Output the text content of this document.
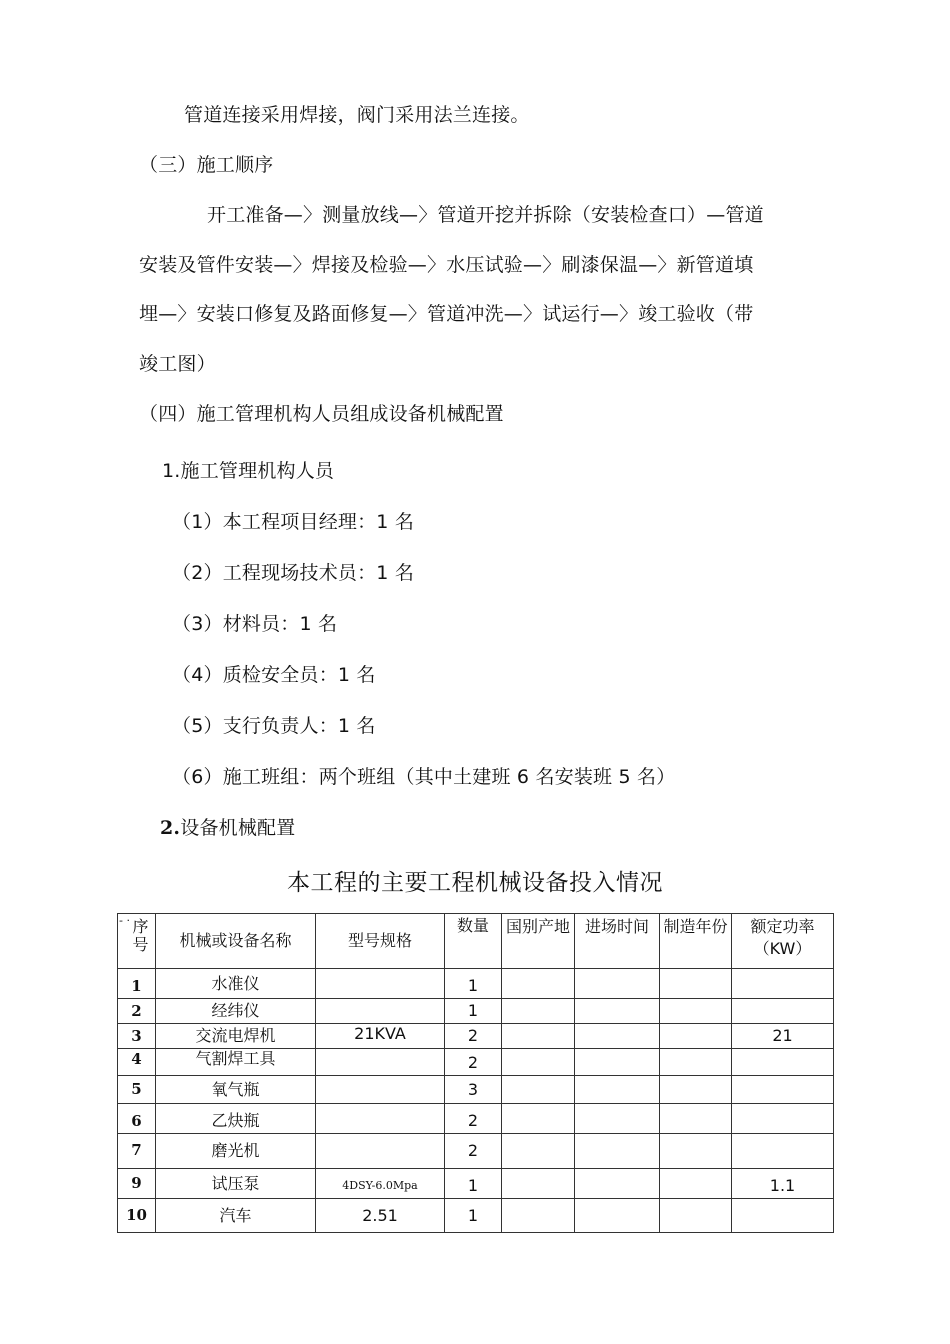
管道连接采用焊接，阀门采用法兰连接。
（三）施工顺序
开工准备—〉测量放线—〉管道开挖并拆除（安装检查口）—管道
安装及管件安装—〉焊接及检验—〉水压试验—〉刷漆保温—〉新管道填
埋—〉安装口修复及路面修复—〉管道冲洗—〉试运行—〉竣工验收（带
竣工图）
（四）施工管理机构人员组成设备机械配置
1.施工管理机构人员
（1）本工程项目经理：1 名
（2）工程现场技术员：1 名
（3）材料员：1 名
（4）质检安全员：1 名
（5）支行负责人：1 名
（6）施工班组：两个班组（其中土建班 6 名安装班 5 名）
2.设备机械配置
本工程的主要工程机械设备投入情况
- · 序号	机械或设备名称	型号规格	数量	国别产地	进场时间	制造年份	额定功率（KW）

1	水准仪		1				
2	经纬仪		1				
3	交流电焊机	21KVA	2				21
4	气割焊工具		2				
5	氧气瓶		3				
6	乙炔瓶		2				
7	磨光机		2				
9	试压泵	4DSY-6.0Mpa	1				1.1
10	汽车	2.51	1				
